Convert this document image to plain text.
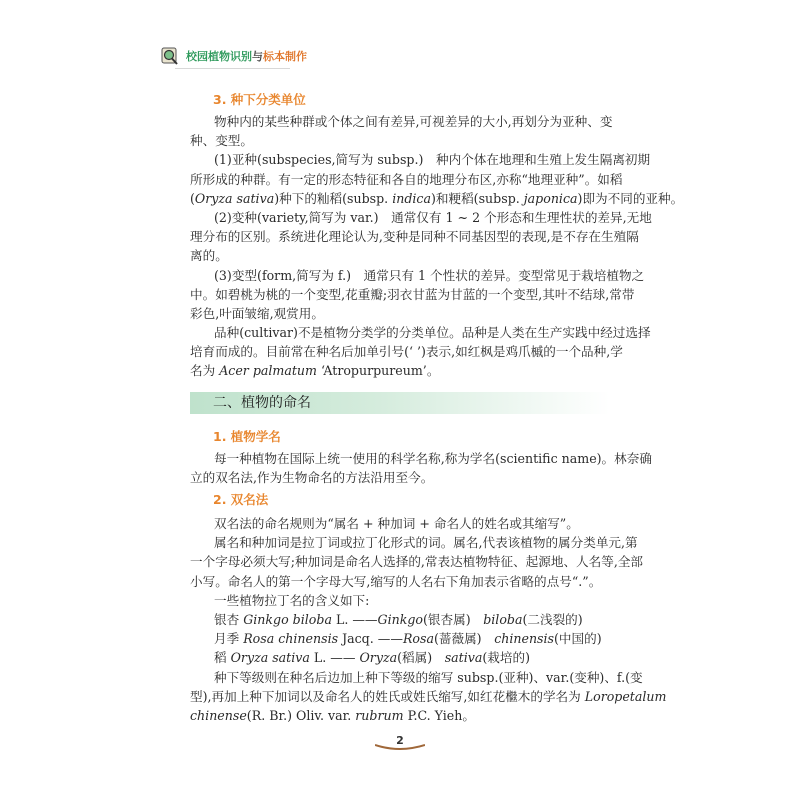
校园植物识别与标本制作
3. 种下分类单位
物种内的某些种群或个体之间有差异,可视差异的大小,再划分为亚种、变
种、变型。
(1)亚种(subspecies,简写为 subsp.)　种内个体在地理和生殖上发生隔离初期
所形成的种群。有一定的形态特征和各自的地理分布区,亦称“地理亚种”。如稻
(Oryza sativa)种下的籼稻(subsp. indica)和粳稻(subsp. japonica)即为不同的亚种。
(2)变种(variety,简写为 var.)　通常仅有 1 ~ 2 个形态和生理性状的差异,无地
理分布的区别。系统进化理论认为,变种是同种不同基因型的表现,是不存在生殖隔
离的。
(3)变型(form,简写为 f.)　通常只有 1 个性状的差异。变型常见于栽培植物之
中。如碧桃为桃的一个变型,花重瓣;羽衣甘蓝为甘蓝的一个变型,其叶不结球,常带
彩色,叶面皱缩,观赏用。
品种(cultivar)不是植物分类学的分类单位。品种是人类在生产实践中经过选择
培育而成的。目前常在种名后加单引号(‘ ’)表示,如红枫是鸡爪槭的一个品种,学
名为 Acer palmatum ‘Atropurpureum’。
二、植物的命名
1. 植物学名
每一种植物在国际上统一使用的科学名称,称为学名(scientific name)。林奈确
立的双名法,作为生物命名的方法沿用至今。
2. 双名法
双名法的命名规则为“属名 + 种加词 + 命名人的姓名或其缩写”。
属名和种加词是拉丁词或拉丁化形式的词。属名,代表该植物的属分类单元,第
一个字母必须大写;种加词是命名人选择的,常表达植物特征、起源地、人名等,全部
小写。命名人的第一个字母大写,缩写的人名右下角加表示省略的点号“.”。
一些植物拉丁名的含义如下:
银杏 Ginkgo biloba L. ——Ginkgo(银杏属)　biloba(二浅裂的)
月季 Rosa chinensis Jacq. ——Rosa(蔷薇属)　chinensis(中国的)
稻 Oryza sativa L. —— Oryza(稻属)　sativa(栽培的)
种下等级则在种名后边加上种下等级的缩写 subsp.(亚种)、var.(变种)、f.(变
型),再加上种下加词以及命名人的姓氏或姓氏缩写,如红花檵木的学名为 Loropetalum
chinense(R. Br.) Oliv. var. rubrum P.C. Yieh。
2
